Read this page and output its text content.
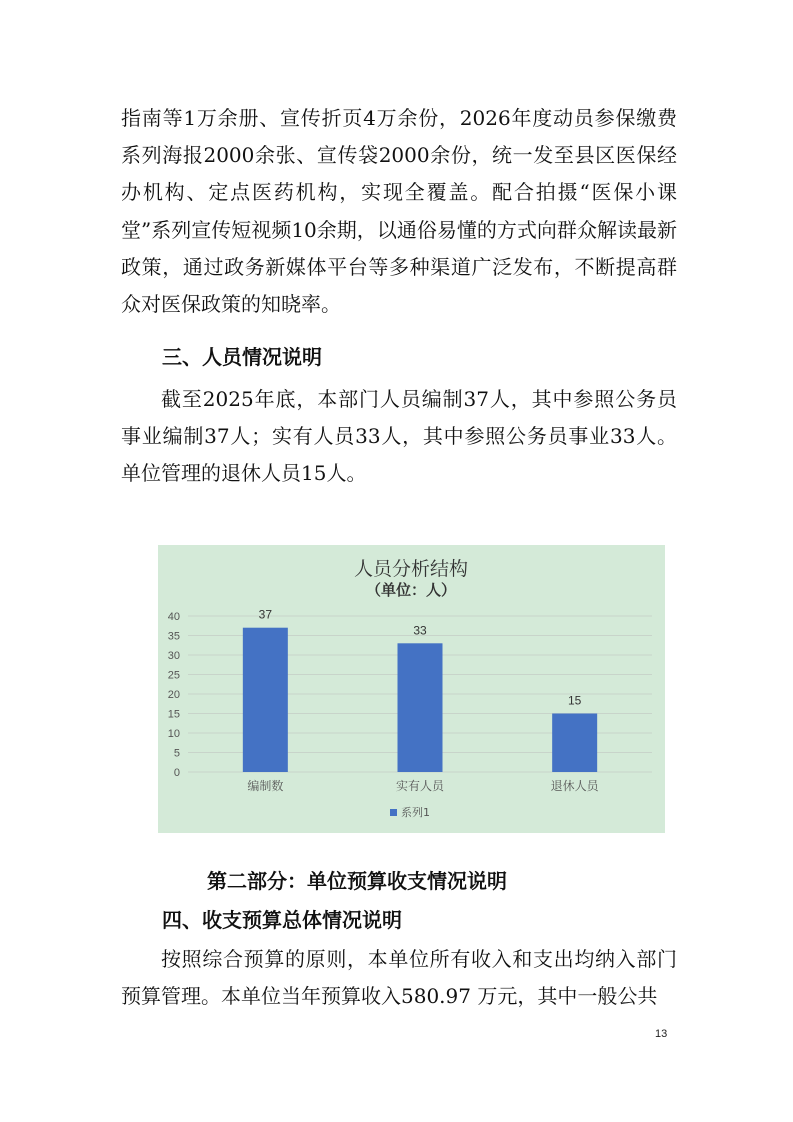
指南等1万余册、宣传折页4万余份，2026年度动员参保缴费系列海报2000余张、宣传袋2000余份，统一发至县区医保经办机构、定点医药机构，实现全覆盖。配合拍摄“医保小课堂”系列宣传短视频10余期，以通俗易懂的方式向群众解读最新政策，通过政务新媒体平台等多种渠道广泛发布，不断提高群众对医保政策的知晓率。

三、人员情况说明

截至2025年底，本部门人员编制37人，其中参照公务员事业编制37人；实有人员33人，其中参照公务员事业33人。单位管理的退休人员15人。

人员分析结构
（单位：人）
0
5
10
15
20
25
30
35
40	37
编制数
33
实有人员
15
退休人员
系列1
第二部分：单位预算收支情况说明
四、收支预算总体情况说明

按照综合预算的原则，本单位所有收入和支出均纳入部门预算管理。本单位当年预算收入580.97 万元，其中一般公共

13
